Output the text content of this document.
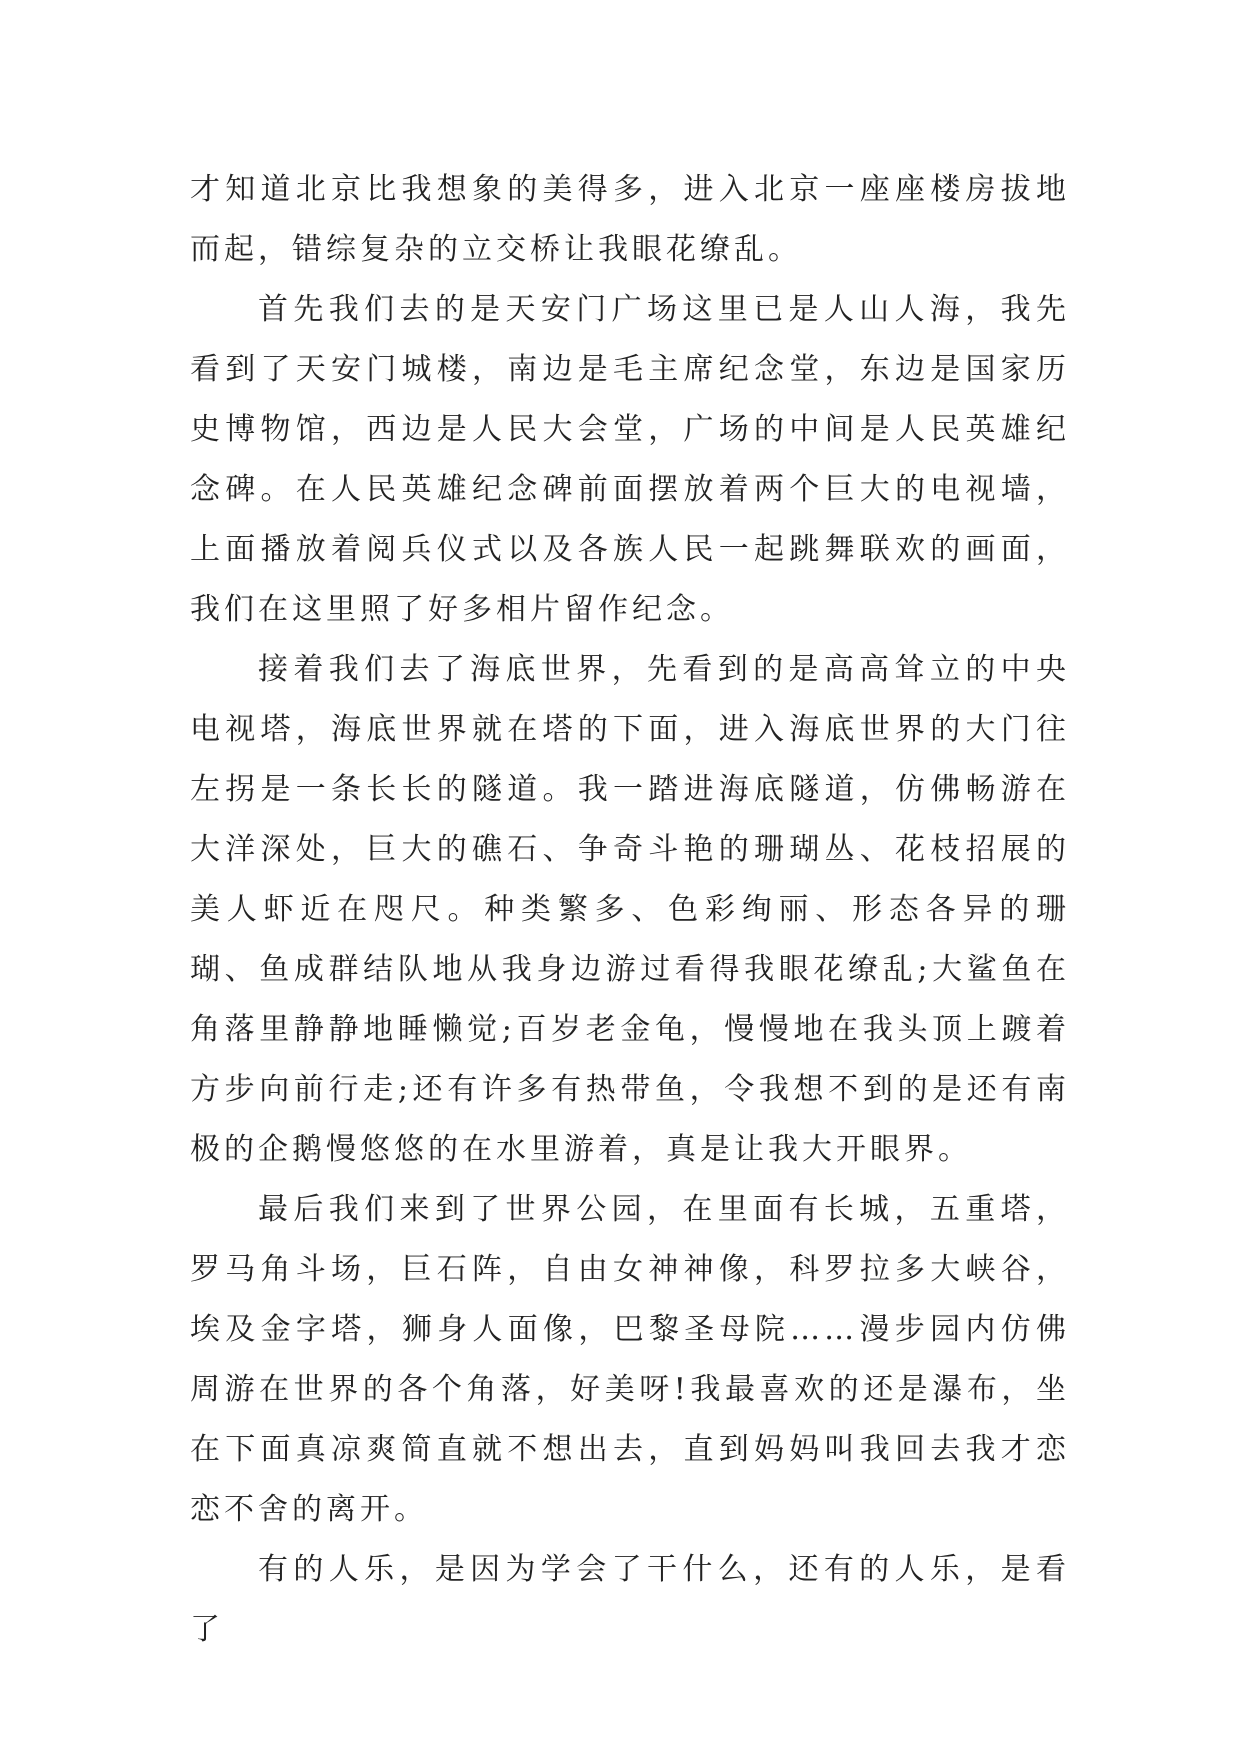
才知道北京比我想象的美得多，进入北京一座座楼房拔地而起，错综复杂的立交桥让我眼花缭乱。

首先我们去的是天安门广场这里已是人山人海，我先看到了天安门城楼，南边是毛主席纪念堂，东边是国家历史博物馆，西边是人民大会堂，广场的中间是人民英雄纪念碑。在人民英雄纪念碑前面摆放着两个巨大的电视墙，上面播放着阅兵仪式以及各族人民一起跳舞联欢的画面，我们在这里照了好多相片留作纪念。

接着我们去了海底世界，先看到的是高高耸立的中央电视塔，海底世界就在塔的下面，进入海底世界的大门往左拐是一条长长的隧道。我一踏进海底隧道，仿佛畅游在大洋深处，巨大的礁石、争奇斗艳的珊瑚丛、花枝招展的美人虾近在咫尺。种类繁多、色彩绚丽、形态各异的珊瑚、鱼成群结队地从我身边游过看得我眼花缭乱;大鲨鱼在角落里静静地睡懒觉;百岁老金龟，慢慢地在我头顶上踱着方步向前行走;还有许多有热带鱼，令我想不到的是还有南极的企鹅慢悠悠的在水里游着，真是让我大开眼界。

最后我们来到了世界公园，在里面有长城，五重塔，罗马角斗场，巨石阵，自由女神神像，科罗拉多大峡谷，埃及金字塔，狮身人面像，巴黎圣母院……漫步园内仿佛周游在世界的各个角落，好美呀!我最喜欢的还是瀑布，坐在下面真凉爽简直就不想出去，直到妈妈叫我回去我才恋恋不舍的离开。

有的人乐，是因为学会了干什么，还有的人乐，是看了
